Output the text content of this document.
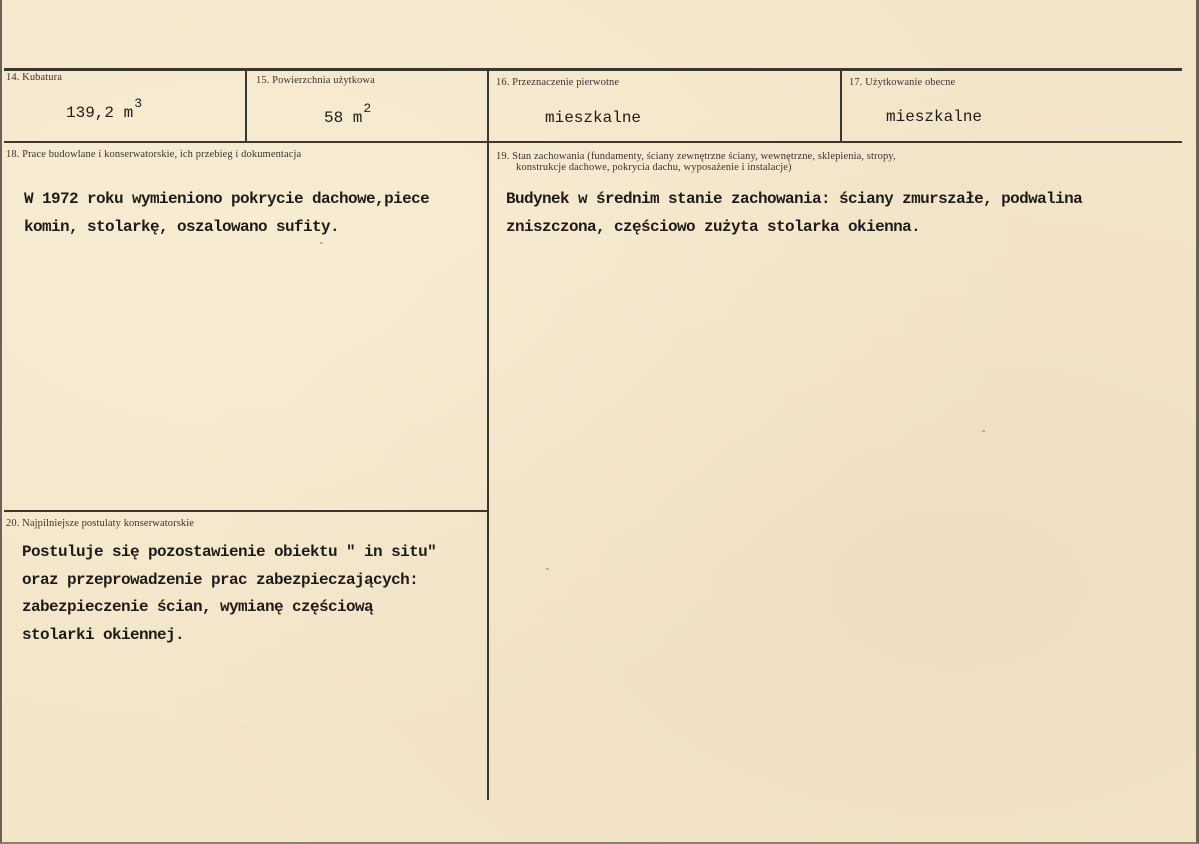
14. Kubatura
139,2 $m^3$
15. Powierzchnia użytkowa
58 $m^2$
16. Przeznaczenie pierwotne
mieszkalne
17. Użytkowanie obecne
mieszkalne
18. Prace budowlane i konserwatorskie, ich przebieg i dokumentacja
W 1972 roku wymieniono pokrycie dachowe,piece
komin, stolarkę, oszalowano sufity.
19. Stan zachowania (fundamenty, ściany zewnętrzne ściany, wewnętrzne, sklepienia, stropy,
konstrukcje dachowe, pokrycia dachu, wyposażenie i instalacje)
Budynek w średnim stanie zachowania: ściany zmurszałe, podwalina
zniszczona, częściowo zużyta stolarka okienna.
20. Najpilniejsze postulaty konserwatorskie
Postuluje się pozostawienie obiektu " in situ"
oraz przeprowadzenie prac zabezpieczających:
zabezpieczenie ścian, wymianę częściową
stolarki okiennej.
